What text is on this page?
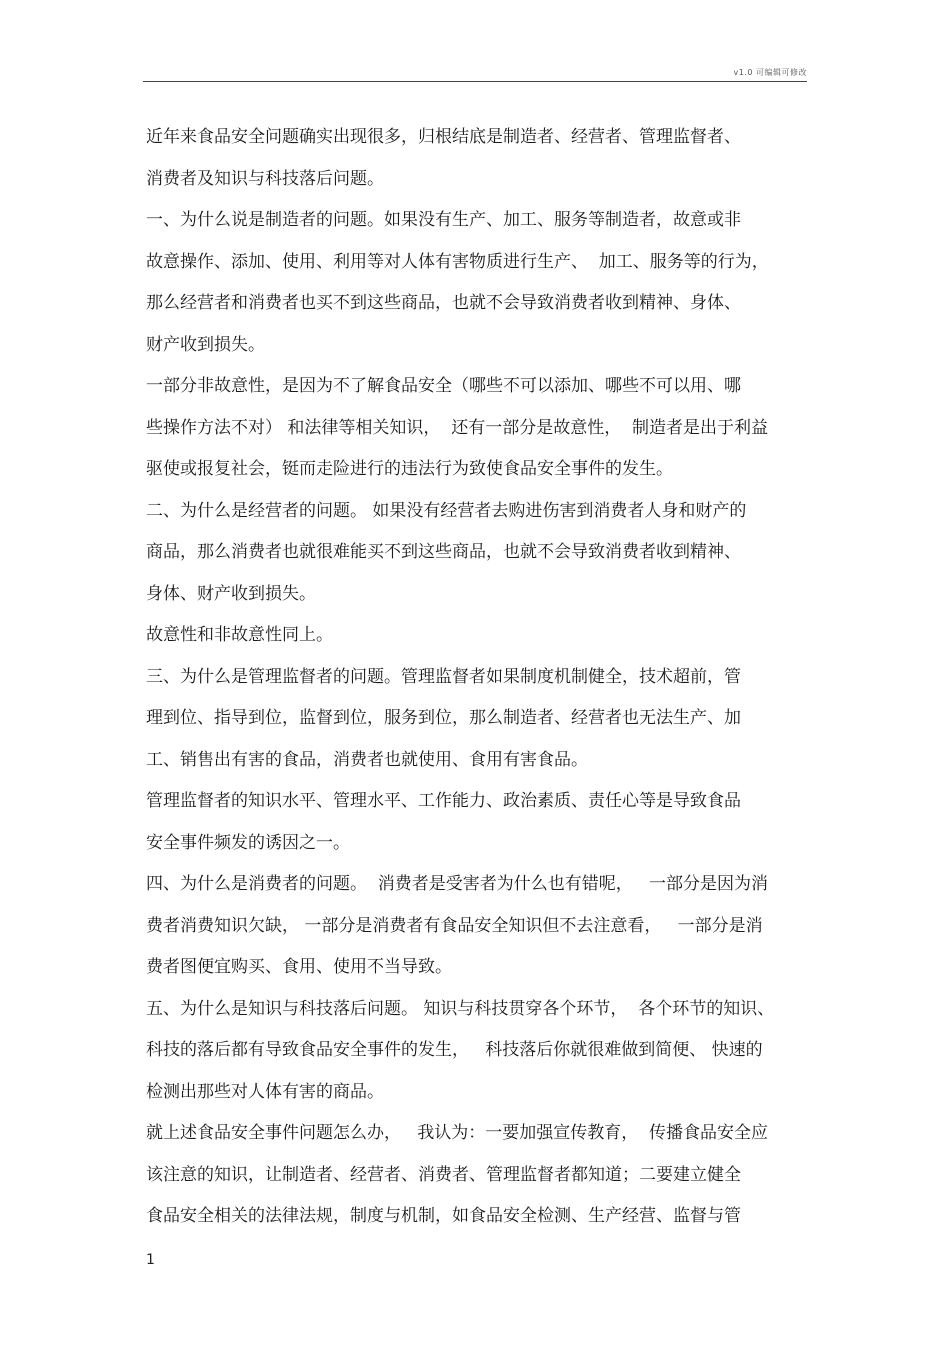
v1.0 可编辑可修改
近年来食品安全问题确实出现很多，归根结底是制造者、经营者、管理监督者、
消费者及知识与科技落后问题。
一、为什么说是制造者的问题。如果没有生产、加工、服务等制造者，故意或非
故意操作、添加、使用、利用等对人体有害物质进行生产、  加工、服务等的行为，
那么经营者和消费者也买不到这些商品，也就不会导致消费者收到精神、身体、
财产收到损失。
一部分非故意性，是因为不了解食品安全（哪些不可以添加、哪些不可以用、哪
些操作方法不对） 和法律等相关知识，  还有一部分是故意性，  制造者是出于利益
驱使或报复社会，铤而走险进行的违法行为致使食品安全事件的发生。
二、为什么是经营者的问题。 如果没有经营者去购进伤害到消费者人身和财产的
商品，那么消费者也就很难能买不到这些商品，也就不会导致消费者收到精神、
身体、财产收到损失。
故意性和非故意性同上。
三、为什么是管理监督者的问题。管理监督者如果制度机制健全，技术超前，管
理到位、指导到位，监督到位，服务到位，那么制造者、经营者也无法生产、加
工、销售出有害的食品，消费者也就使用、食用有害食品。
管理监督者的知识水平、管理水平、工作能力、政治素质、责任心等是导致食品
安全事件频发的诱因之一。
四、为什么是消费者的问题。  消费者是受害者为什么也有错呢，   一部分是因为消
费者消费知识欠缺， 一部分是消费者有食品安全知识但不去注意看，   一部分是消
费者图便宜购买、食用、使用不当导致。
五、为什么是知识与科技落后问题。 知识与科技贯穿各个环节，  各个环节的知识、
科技的落后都有导致食品安全事件的发生，   科技落后你就很难做到简便、 快速的
检测出那些对人体有害的商品。
就上述食品安全事件问题怎么办，   我认为：一要加强宣传教育，  传播食品安全应
该注意的知识，让制造者、经营者、消费者、管理监督者都知道；二要建立健全
食品安全相关的法律法规，制度与机制，如食品安全检测、生产经营、监督与管
1
